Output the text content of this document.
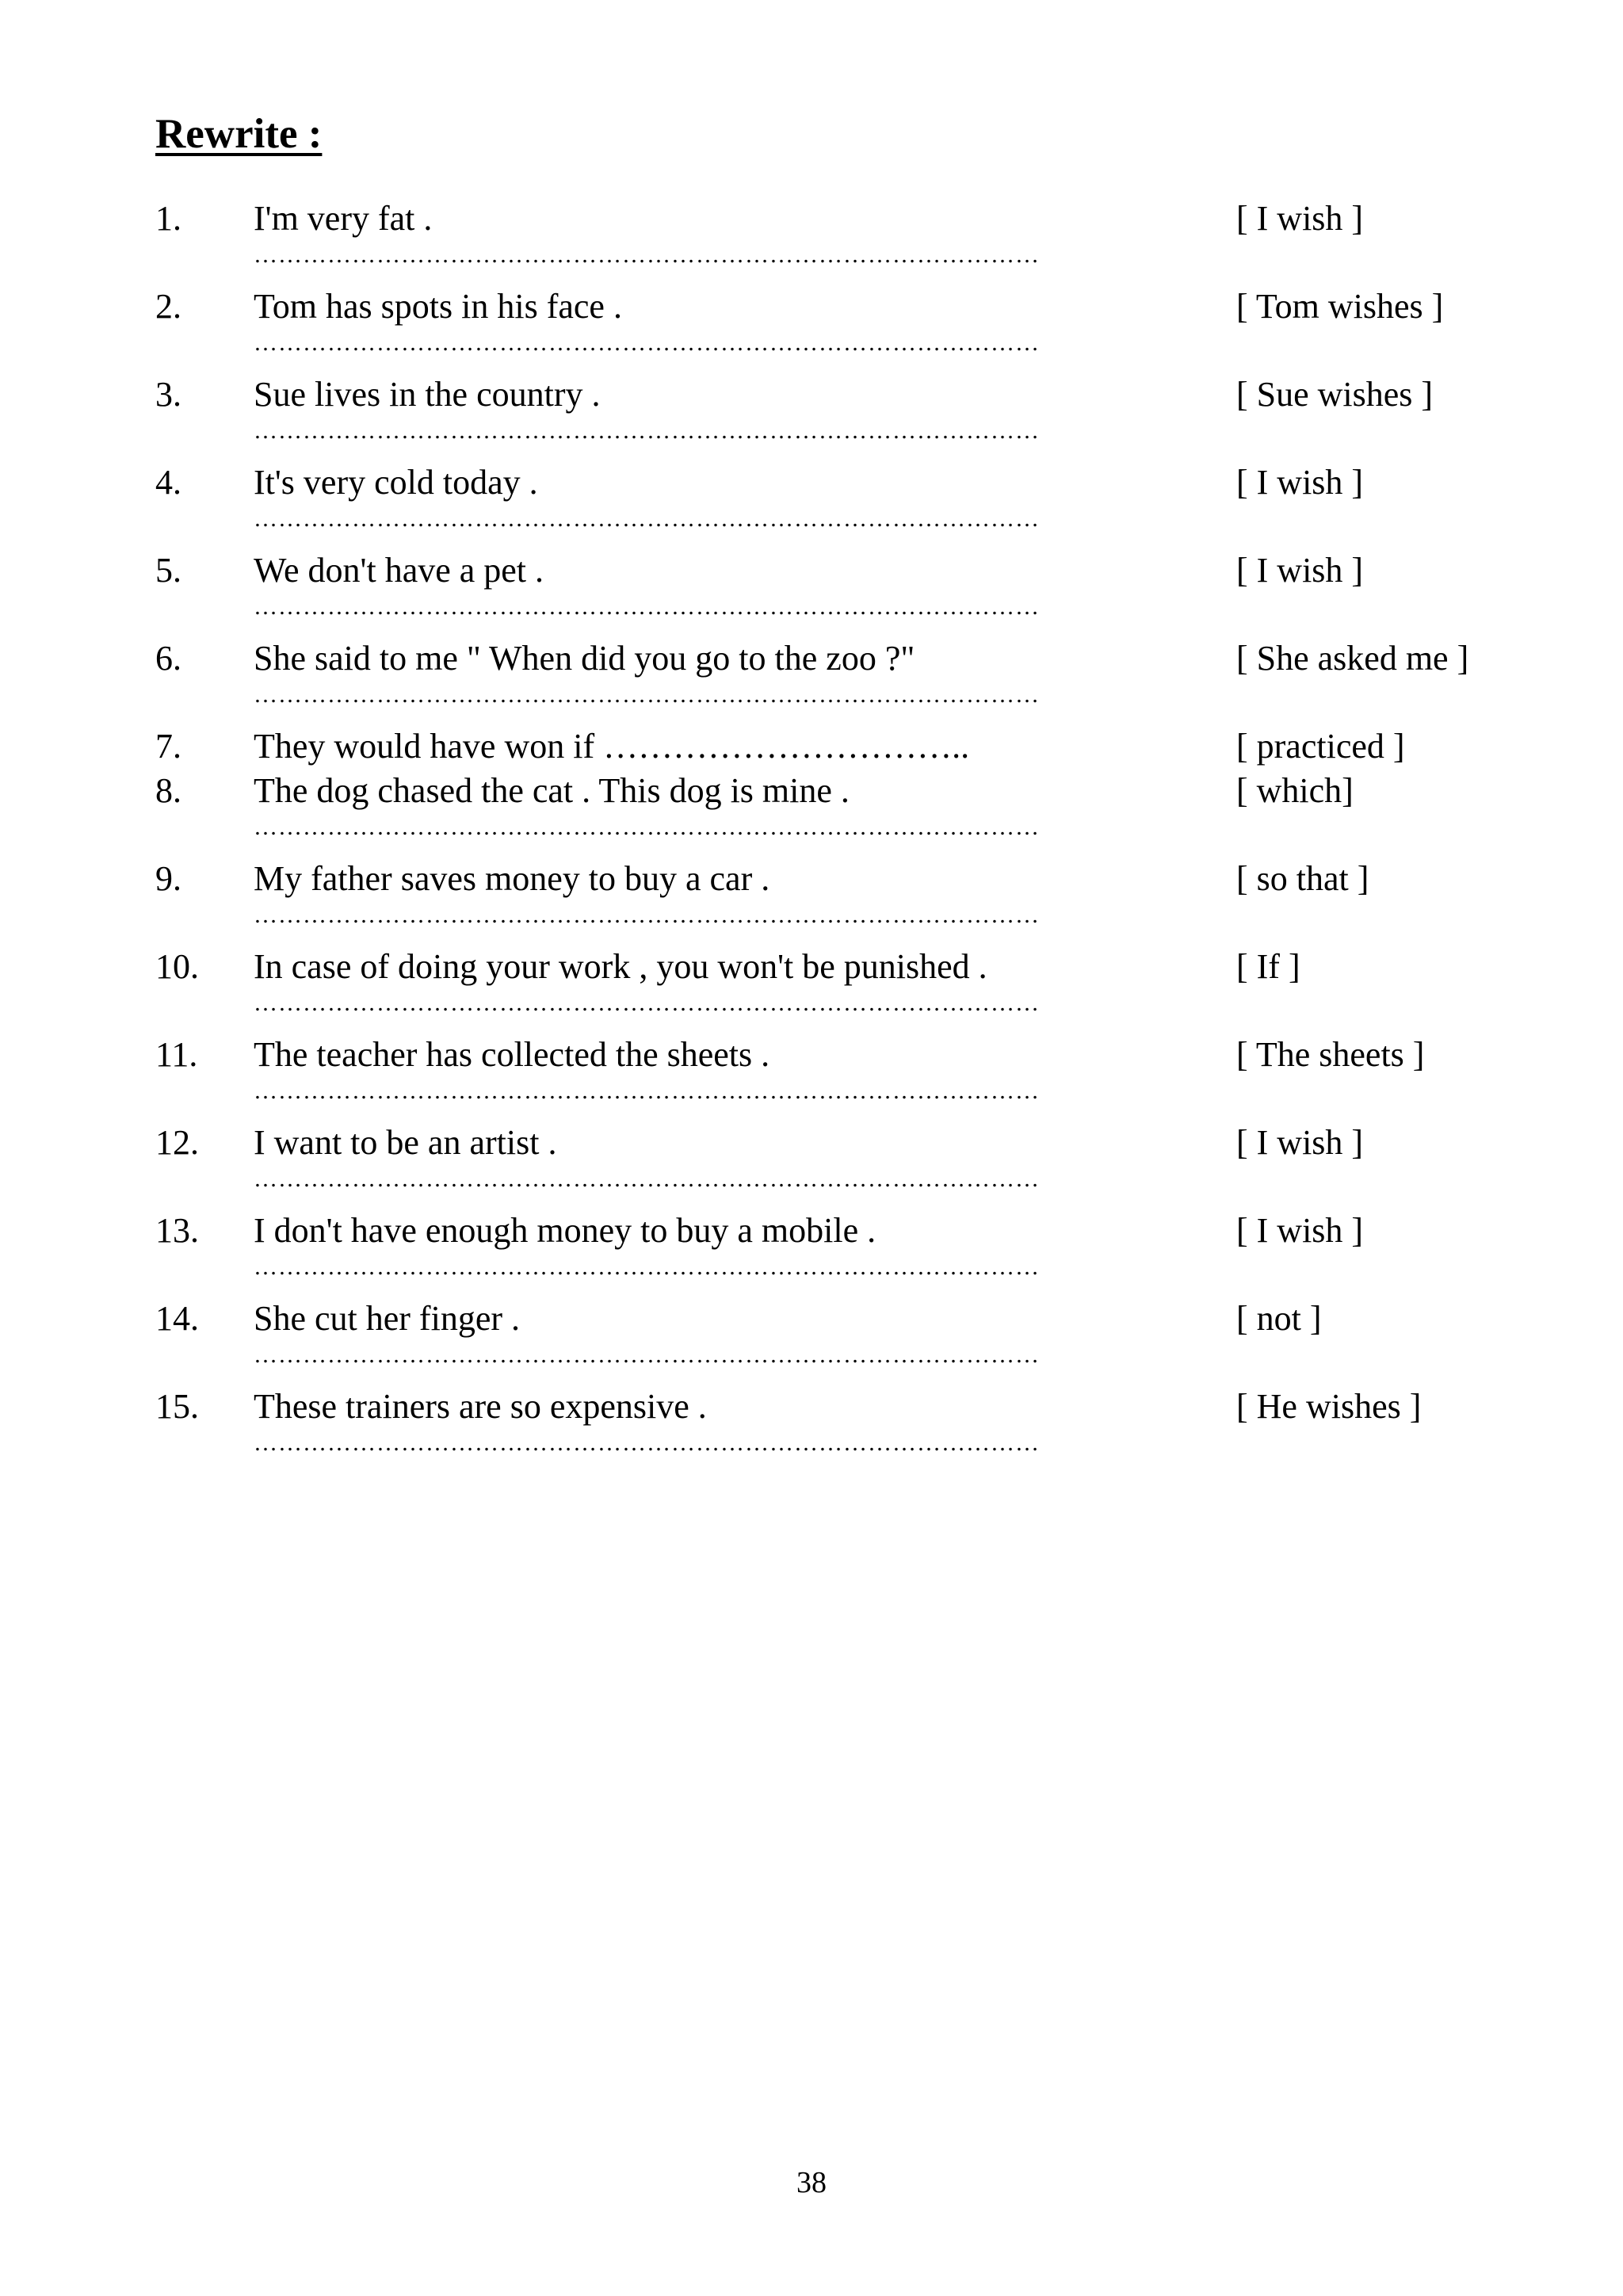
Rewrite :
1. I'm very fat .	[ I wish ]
……………………………………………………………………………………
2. Tom has spots in his face .	[ Tom wishes ]
……………………………………………………………………………………
3. Sue lives in the country .	[ Sue wishes ]
……………………………………………………………………………………
4. It's very cold today .	[ I wish ]
……………………………………………………………………………………
5. We don't have a pet .	[ I wish ]
……………………………………………………………………………………
6. She said to me " When did you go to the zoo ?"	[ She asked me ]
……………………………………………………………………………………
7. They would have won if …………………………..	[ practiced ]
8. The dog chased the cat . This dog is mine .	[ which]
……………………………………………………………………………………
9. My father saves money to buy a car .	[ so that ]
……………………………………………………………………………………
10. In case of doing your work , you won't be punished .	[ If ]
……………………………………………………………………………………
11. The teacher has collected the sheets .	[ The sheets ]
……………………………………………………………………………………
12. I want to be an artist .	[ I wish ]
……………………………………………………………………………………
13. I don't have enough money to buy a mobile .	[ I wish ]
……………………………………………………………………………………
14. She cut her finger .	[ not ]
……………………………………………………………………………………
15. These trainers are so expensive .	[ He wishes ]
……………………………………………………………………………………
38
